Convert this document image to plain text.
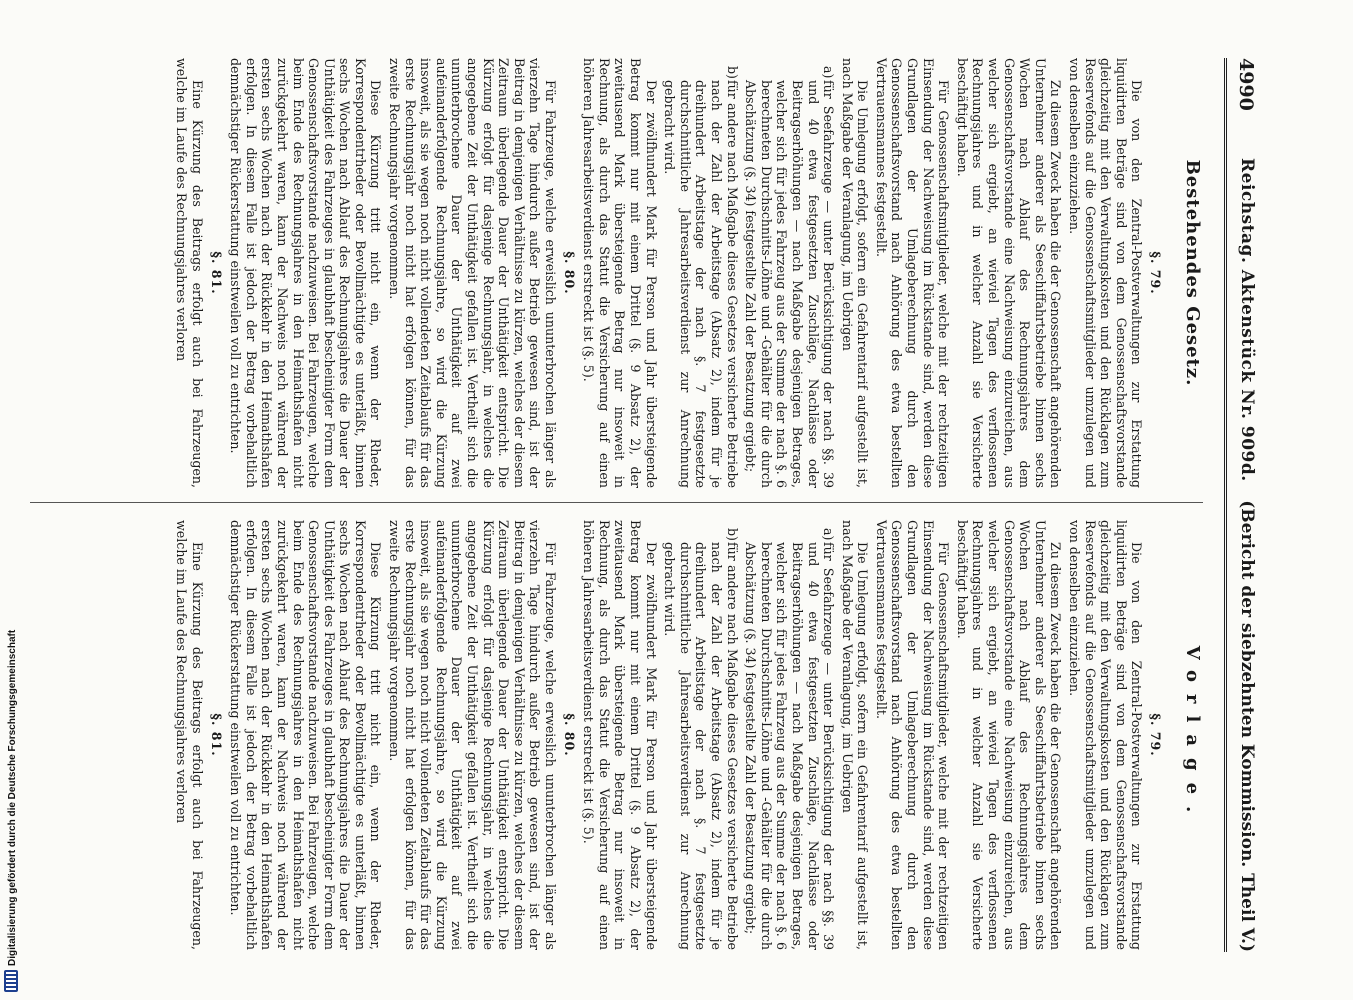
4990
Reichstag. Aktenstück Nr. 909d.
(Bericht der siebzehnten Kommission. Theil V.)
Bestehendes Gesetz.
Vorlage.
§. 79.

Die von den Zentral-Postverwaltungen zur Erstattung liquidirten Beträge sind von dem Genossenschaftsvorstande gleichzeitig mit den Verwaltungskosten und den Rücklagen zum Reservefonds auf die Genossenschaftsmitglieder umzulegen und von denselben einzuziehen.

Zu diesem Zweck haben die der Genossenschaft angehörenden Unternehmer anderer als Seeschiffahrtsbetriebe binnen sechs Wochen nach Ablauf des Rechnungsjahres dem Genossenschaftsvorstande eine Nachweisung einzureichen, aus welcher sich ergiebt, an wieviel Tagen des verflossenen Rechnungsjahres und in welcher Anzahl sie Versicherte beschäftigt haben.

Für Genossenschaftsmitglieder, welche mit der rechtzeitigen Einsendung der Nachweisung im Rückstande sind, werden diese Grundlagen der Umlageberechnung durch den Genossenschaftsvorstand nach Anhörung des etwa bestellten Vertrauensmannes festgestellt.

Die Umlegung erfolgt, sofern ein Gefahrentarif aufgestellt ist, nach Maßgabe der Veranlagung, im Uebrigen

a)für Seefahrzeuge — unter Berücksichtigung der nach §§. 39 und 40 etwa festgesetzten Zuschläge, Nachlässe oder Beitragserhöhungen — nach Maßgabe desjenigen Betrages, welcher sich für jedes Fahrzeug aus der Summe der nach §. 6 berechneten Durchschnitts-Löhne und -Gehälter für die durch Abschätzung (§. 34) festgestellte Zahl der Besatzung ergiebt;

b)für andere nach Maßgabe dieses Gesetzes versicherte Betriebe nach der Zahl der Arbeitstage (Absatz 2), indem für je dreihundert Arbeitstage der nach §. 7 festgesetzte durchschnittliche Jahresarbeitsverdienst zur Anrechnung gebracht wird.

Der zwölfhundert Mark für Person und Jahr übersteigende Betrag kommt nur mit einem Drittel (§. 9 Absatz 2), der zweitausend Mark übersteigende Betrag nur insoweit in Rechnung, als durch das Statut die Versicherung auf einen höheren Jahresarbeitsverdienst erstreckt ist (§. 5).

§. 80.

Für Fahrzeuge, welche erweislich ununterbrochen länger als vierzehn Tage hindurch außer Betrieb gewesen sind, ist der Beitrag in demjenigen Verhältnisse zu kürzen, welches der diesem Zeitraum überlegende Dauer der Unthätigkeit entspricht. Die Kürzung erfolgt für dasjenige Rechnungsjahr, in welches die angegebene Zeit der Unthätigkeit gefallen ist. Vertheilt sich die ununterbrochene Dauer der Unthätigkeit auf zwei aufeinanderfolgende Rechnungsjahre, so wird die Kürzung insoweit, als sie wegen noch nicht vollendeten Zeitablaufs für das erste Rechnungsjahr noch nicht hat erfolgen können, für das zweite Rechnungsjahr vorgenommen.

Diese Kürzung tritt nicht ein, wenn der Rheder, Korrespondentrheder oder Bevollmächtigte es unterläßt, binnen sechs Wochen nach Ablauf des Rechnungsjahres die Dauer der Unthätigkeit des Fahrzeuges in glaubhaft bescheinigter Form dem Genossenschaftsvorstande nachzuweisen. Bei Fahrzeugen, welche beim Ende des Rechnungsjahres in den Heimathshafen nicht zurückgekehrt waren, kann der Nachweis noch während der ersten sechs Wochen nach der Rückkehr in den Heimathshafen erfolgen. In diesem Falle ist jedoch der Betrag vorbehaltlich demnächstiger Rückerstattung einstweilen voll zu entrichten.

§. 81.

Eine Kürzung des Beitrags erfolgt auch bei Fahrzeugen, welche im Laufe des Rechnungsjahres verloren

§. 79.

Die von den Zentral-Postverwaltungen zur Erstattung liquidirten Beträge sind von dem Genossenschaftsvorstande gleichzeitig mit den Verwaltungskosten und den Rücklagen zum Reservefonds auf die Genossenschaftsmitglieder umzulegen und von denselben einzuziehen.

Zu diesem Zweck haben die der Genossenschaft angehörenden Unternehmer anderer als Seeschiffahrtsbetriebe binnen sechs Wochen nach Ablauf des Rechnungsjahres dem Genossenschaftsvorstande eine Nachweisung einzureichen, aus welcher sich ergiebt, an wieviel Tagen des verflossenen Rechnungsjahres und in welcher Anzahl sie Versicherte beschäftigt haben.

Für Genossenschaftsmitglieder, welche mit der rechtzeitigen Einsendung der Nachweisung im Rückstande sind, werden diese Grundlagen der Umlageberechnung durch den Genossenschaftsvorstand nach Anhörung des etwa bestellten Vertrauensmannes festgestellt.

Die Umlegung erfolgt, sofern ein Gefahrentarif aufgestellt ist, nach Maßgabe der Veranlagung, im Uebrigen

a)für Seefahrzeuge — unter Berücksichtigung der nach §§. 39 und 40 etwa festgesetzten Zuschläge, Nachlässe oder Beitragserhöhungen — nach Maßgabe desjenigen Betrages, welcher sich für jedes Fahrzeug aus der Summe der nach §. 6 berechneten Durchschnitts-Löhne und -Gehälter für die durch Abschätzung (§. 34) festgestellte Zahl der Besatzung ergiebt;

b)für andere nach Maßgabe dieses Gesetzes versicherte Betriebe nach der Zahl der Arbeitstage (Absatz 2), indem für je dreihundert Arbeitstage der nach §. 7 festgesetzte durchschnittliche Jahresarbeitsverdienst zur Anrechnung gebracht wird.

Der zwölfhundert Mark für Person und Jahr übersteigende Betrag kommt nur mit einem Drittel (§. 9 Absatz 2), der zweitausend Mark übersteigende Betrag nur insoweit in Rechnung, als durch das Statut die Versicherung auf einen höheren Jahresarbeitsverdienst erstreckt ist (§. 5).

§. 80.

Für Fahrzeuge, welche erweislich ununterbrochen länger als vierzehn Tage hindurch außer Betrieb gewesen sind, ist der Beitrag in demjenigen Verhältnisse zu kürzen, welches der diesem Zeitraum überlegende Dauer der Unthätigkeit entspricht. Die Kürzung erfolgt für dasjenige Rechnungsjahr, in welches die angegebene Zeit der Unthätigkeit gefallen ist. Vertheilt sich die ununterbrochene Dauer der Unthätigkeit auf zwei aufeinanderfolgende Rechnungsjahre, so wird die Kürzung insoweit, als sie wegen noch nicht vollendeten Zeitablaufs für das erste Rechnungsjahr noch nicht hat erfolgen können, für das zweite Rechnungsjahr vorgenommen.

Diese Kürzung tritt nicht ein, wenn der Rheder, Korrespondentrheder oder Bevollmächtigte es unterläßt, binnen sechs Wochen nach Ablauf des Rechnungsjahres die Dauer der Unthätigkeit des Fahrzeuges in glaubhaft bescheinigter Form dem Genossenschaftsvorstande nachzuweisen. Bei Fahrzeugen, welche beim Ende des Rechnungsjahres in den Heimathshafen nicht zurückgekehrt waren, kann der Nachweis noch während der ersten sechs Wochen nach der Rückkehr in den Heimathshafen erfolgen. In diesem Falle ist jedoch der Betrag vorbehaltlich demnächstiger Rückerstattung einstweilen voll zu entrichten.

§. 81.

Eine Kürzung des Beitrags erfolgt auch bei Fahrzeugen, welche im Laufe des Rechnungsjahres verloren

Digitalisierung gefördert durch die Deutsche Forschungsgemeinschaft
